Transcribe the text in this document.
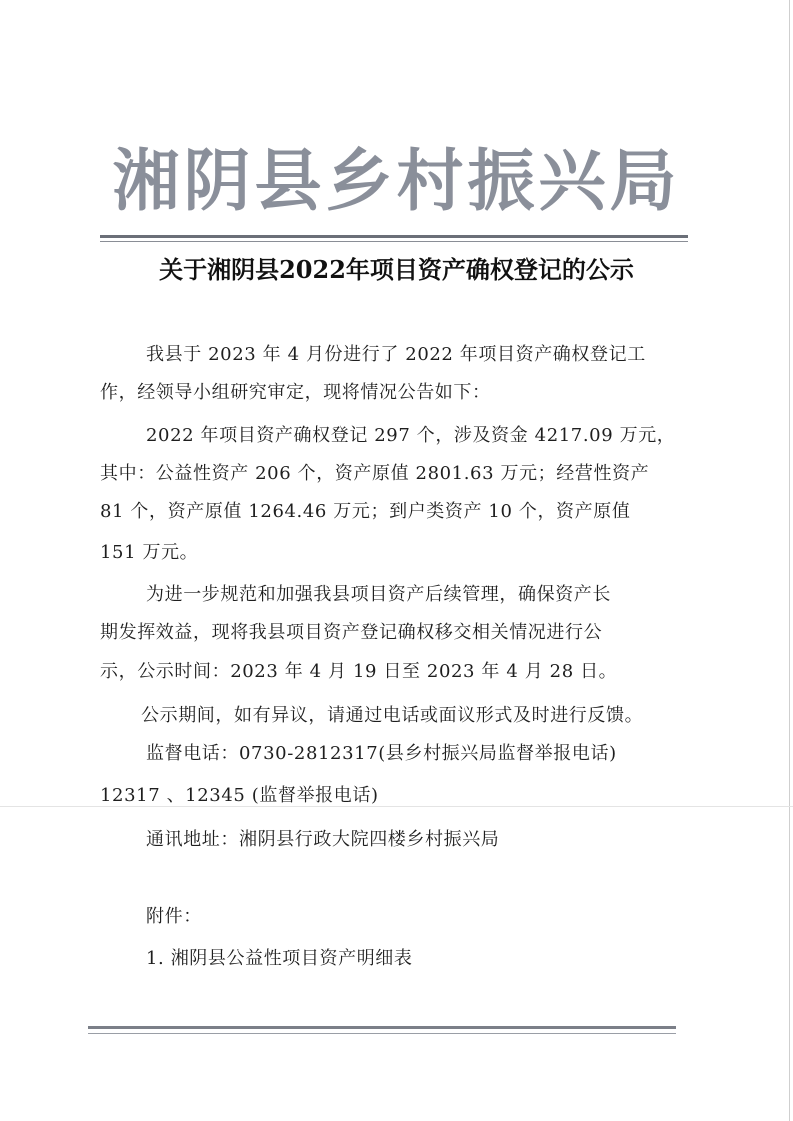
湘阴县乡村振兴局
关于湘阴县2022年项目资产确权登记的公示
我县于 2023 年 4 月份进行了 2022 年项目资产确权登记工
作，经领导小组研究审定，现将情况公告如下：
2022 年项目资产确权登记 297 个，涉及资金 4217.09 万元，
其中：公益性资产 206 个，资产原值 2801.63 万元；经营性资产
81 个，资产原值 1264.46 万元；到户类资产 10 个，资产原值
151 万元。
为进一步规范和加强我县项目资产后续管理，确保资产长
期发挥效益，现将我县项目资产登记确权移交相关情况进行公
示，公示时间：2023 年 4 月 19 日至 2023 年 4 月 28 日。
公示期间，如有异议，请通过电话或面议形式及时进行反馈。
监督电话：0730-2812317(县乡村振兴局监督举报电话)
12317 、12345 (监督举报电话)
通讯地址：湘阴县行政大院四楼乡村振兴局
附件：
1. 湘阴县公益性项目资产明细表
